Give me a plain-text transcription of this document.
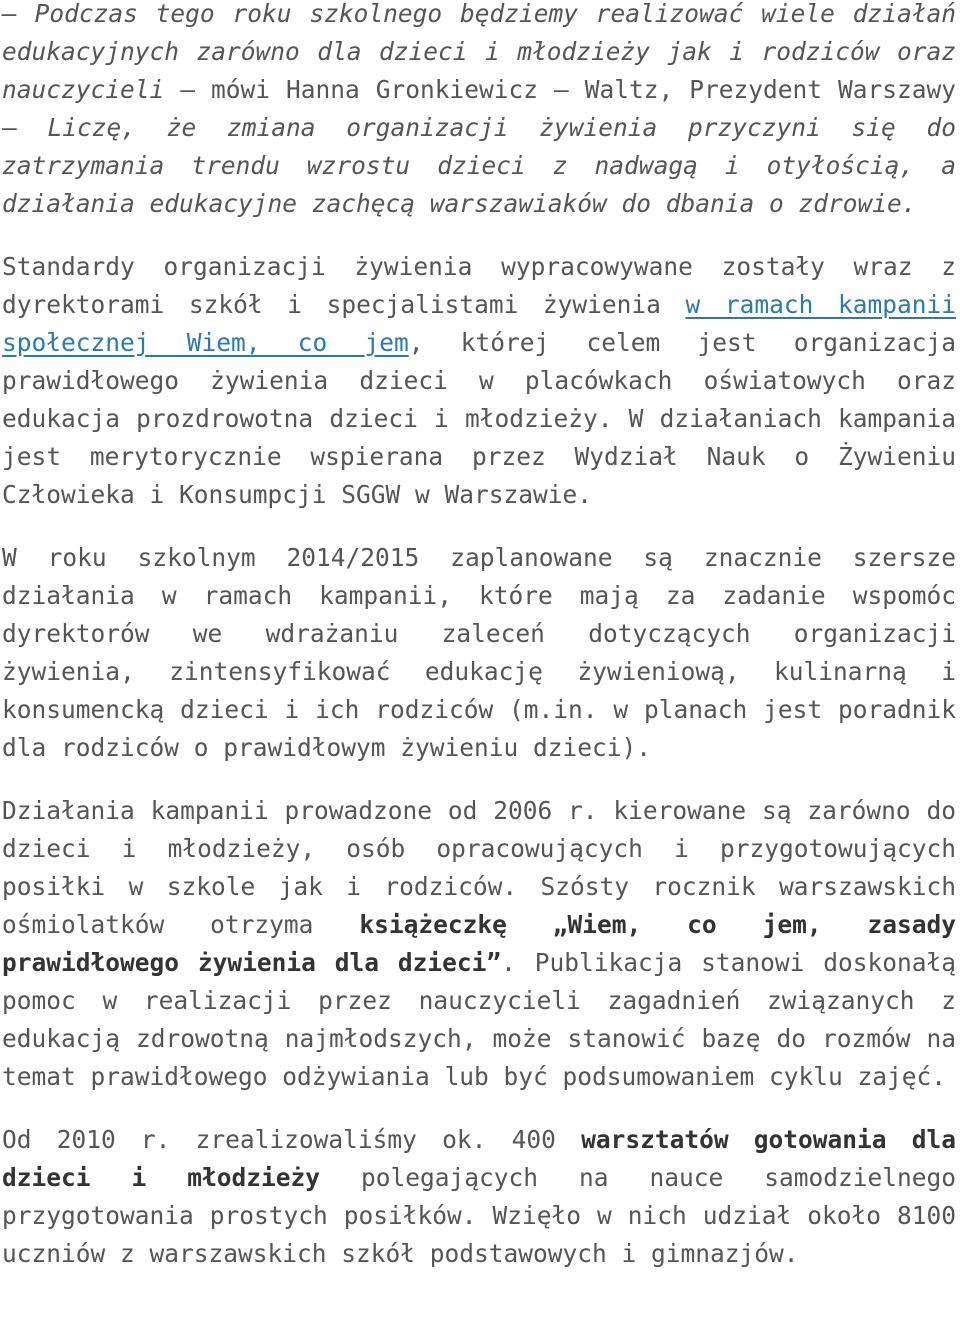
– Podczas tego roku szkolnego będziemy realizować wiele działań edukacyjnych zarówno dla dzieci i młodzieży jak i rodziców oraz nauczycieli – mówi Hanna Gronkiewicz – Waltz, Prezydent Warszawy – Liczę, że zmiana organizacji żywienia przyczyni się do zatrzymania trendu wzrostu dzieci z nadwagą i otyłością, a działania edukacyjne zachęcą warszawiaków do dbania o zdrowie.

Standardy organizacji żywienia wypracowywane zostały wraz z dyrektorami szkół i specjalistami żywienia w ramach kampanii społecznej Wiem, co jem, której celem jest organizacja prawidłowego żywienia dzieci w placówkach oświatowych oraz edukacja prozdrowotna dzieci i młodzieży. W działaniach kampania jest merytorycznie wspierana przez Wydział Nauk o Żywieniu Człowieka i Konsumpcji SGGW w Warszawie.

W roku szkolnym 2014/2015 zaplanowane są znacznie szersze działania w ramach kampanii, które mają za zadanie wspomóc dyrektorów we wdrażaniu zaleceń dotyczących organizacji żywienia, zintensyfikować edukację żywieniową, kulinarną i konsumencką dzieci i ich rodziców (m.in. w planach jest poradnik dla rodziców o prawidłowym żywieniu dzieci).

Działania kampanii prowadzone od 2006 r. kierowane są zarówno do dzieci i młodzieży, osób opracowujących i przygotowujących posiłki w szkole jak i rodziców. Szósty rocznik warszawskich ośmiolatków otrzyma książeczkę „Wiem, co jem, zasady prawidłowego żywienia dla dzieci”. Publikacja stanowi doskonałą pomoc w realizacji przez nauczycieli zagadnień związanych z edukacją zdrowotną najmłodszych, może stanowić bazę do rozmów na temat prawidłowego odżywiania lub być podsumowaniem cyklu zajęć.

Od 2010 r. zrealizowaliśmy ok. 400 warsztatów gotowania dla dzieci i młodzieży polegających na nauce samodzielnego przygotowania prostych posiłków. Wzięło w nich udział około 8100 uczniów z warszawskich szkół podstawowych i gimnazjów.
